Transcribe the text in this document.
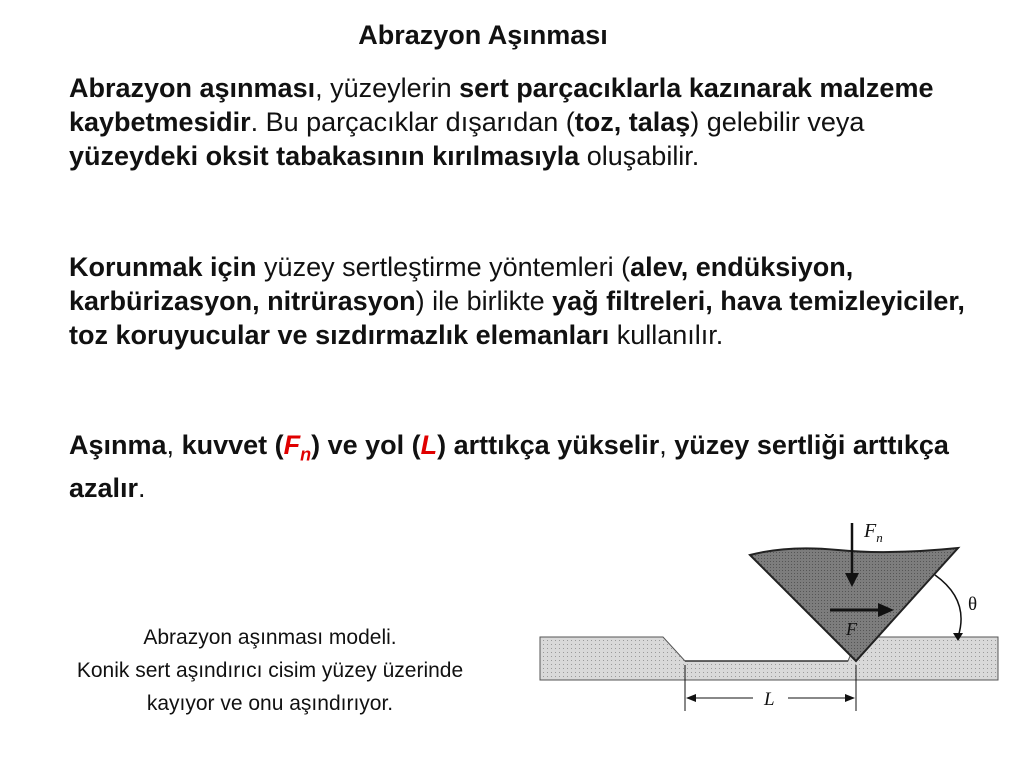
Abrazyon Aşınması

Abrazyon aşınması, yüzeylerin sert parçacıklarla kazınarak malzeme kaybetmesidir. Bu parçacıklar dışarıdan (toz, talaş) gelebilir veya yüzeydeki oksit tabakasının kırılmasıyla oluşabilir.

Korunmak için yüzey sertleştirme yöntemleri (alev, endüksiyon, karbürizasyon, nitrürasyon) ile birlikte yağ filtreleri, hava temizleyiciler, toz koruyucular ve sızdırmazlık elemanları kullanılır.

Aşınma, kuvvet $(F_n)$ ve yol (L) arttıkça yükselir, yüzey sertliği arttıkça azalır.

Abrazyon aşınması modeli.
Konik sert aşındırıcı cisim yüzey üzerinde
kayıyor ve onu aşındırıyor.
$F_n$
F
θ
L
